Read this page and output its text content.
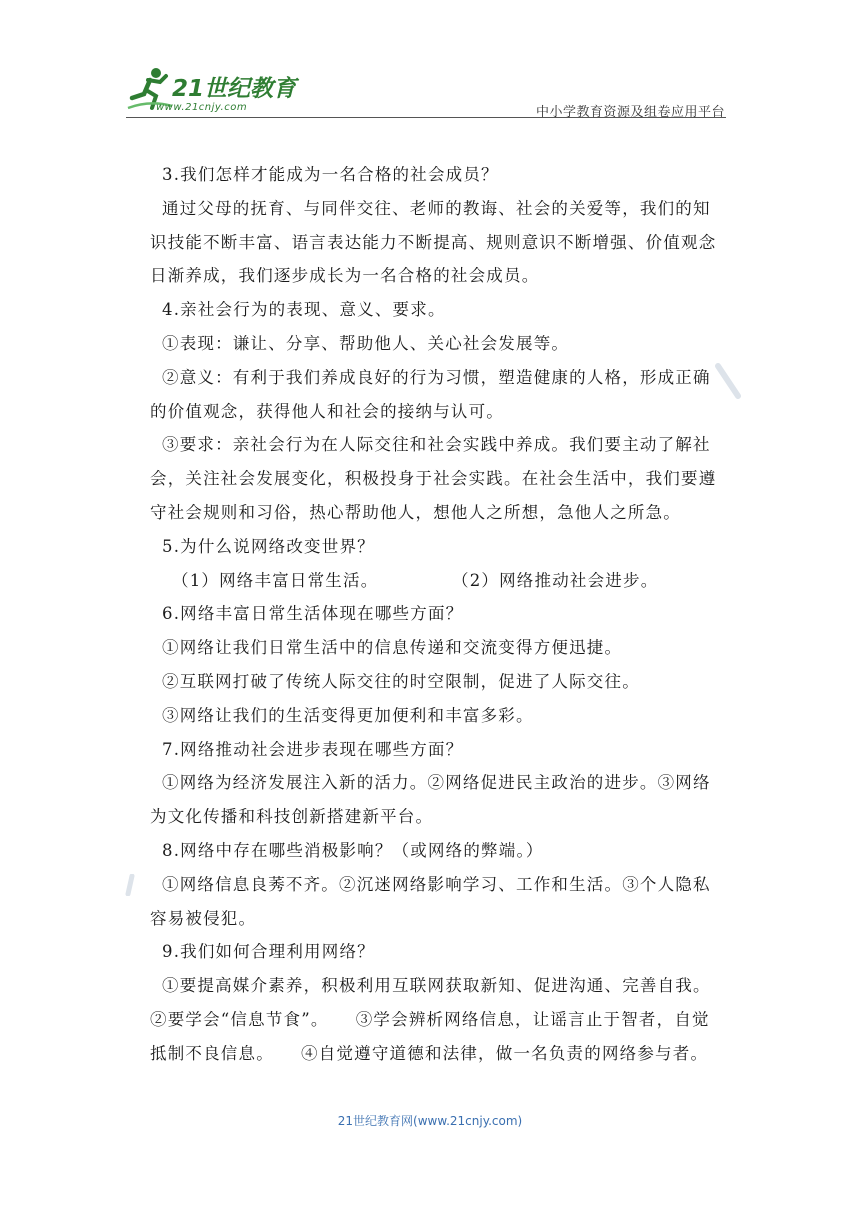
21世纪教育
www.21cnjy.com	中小学教育资源及组卷应用平台

3.我们怎样才能成为一名合格的社会成员？

通过父母的抚育、与同伴交往、老师的教诲、社会的关爱等，我们的知识技能不断丰富、语言表达能力不断提高、规则意识不断增强、价值观念日渐养成，我们逐步成长为一名合格的社会成员。

4.亲社会行为的表现、意义、要求。

①表现：谦让、分享、帮助他人、关心社会发展等。

②意义：有利于我们养成良好的行为习惯，塑造健康的人格，形成正确的价值观念，获得他人和社会的接纳与认可。

③要求：亲社会行为在人际交往和社会实践中养成。我们要主动了解社会，关注社会发展变化，积极投身于社会实践。在社会生活中，我们要遵守社会规则和习俗，热心帮助他人，想他人之所想，急他人之所急。

5.为什么说网络改变世界？

（1）网络丰富日常生活。	（2）网络推动社会进步。

6.网络丰富日常生活体现在哪些方面？

①网络让我们日常生活中的信息传递和交流变得方便迅捷。

②互联网打破了传统人际交往的时空限制，促进了人际交往。

③网络让我们的生活变得更加便利和丰富多彩。

7.网络推动社会进步表现在哪些方面？

①网络为经济发展注入新的活力。②网络促进民主政治的进步。③网络为文化传播和科技创新搭建新平台。

8.网络中存在哪些消极影响？（或网络的弊端。）

①网络信息良莠不齐。②沉迷网络影响学习、工作和生活。③个人隐私容易被侵犯。

9.我们如何合理利用网络？

①要提高媒介素养，积极利用互联网获取新知、促进沟通、完善自我。　　②要学会“信息节食”。　　③学会辨析网络信息，让谣言止于智者，自觉抵制不良信息。　　④自觉遵守道德和法律，做一名负责的网络参与者。

21世纪教育网(www.21cnjy.com)
